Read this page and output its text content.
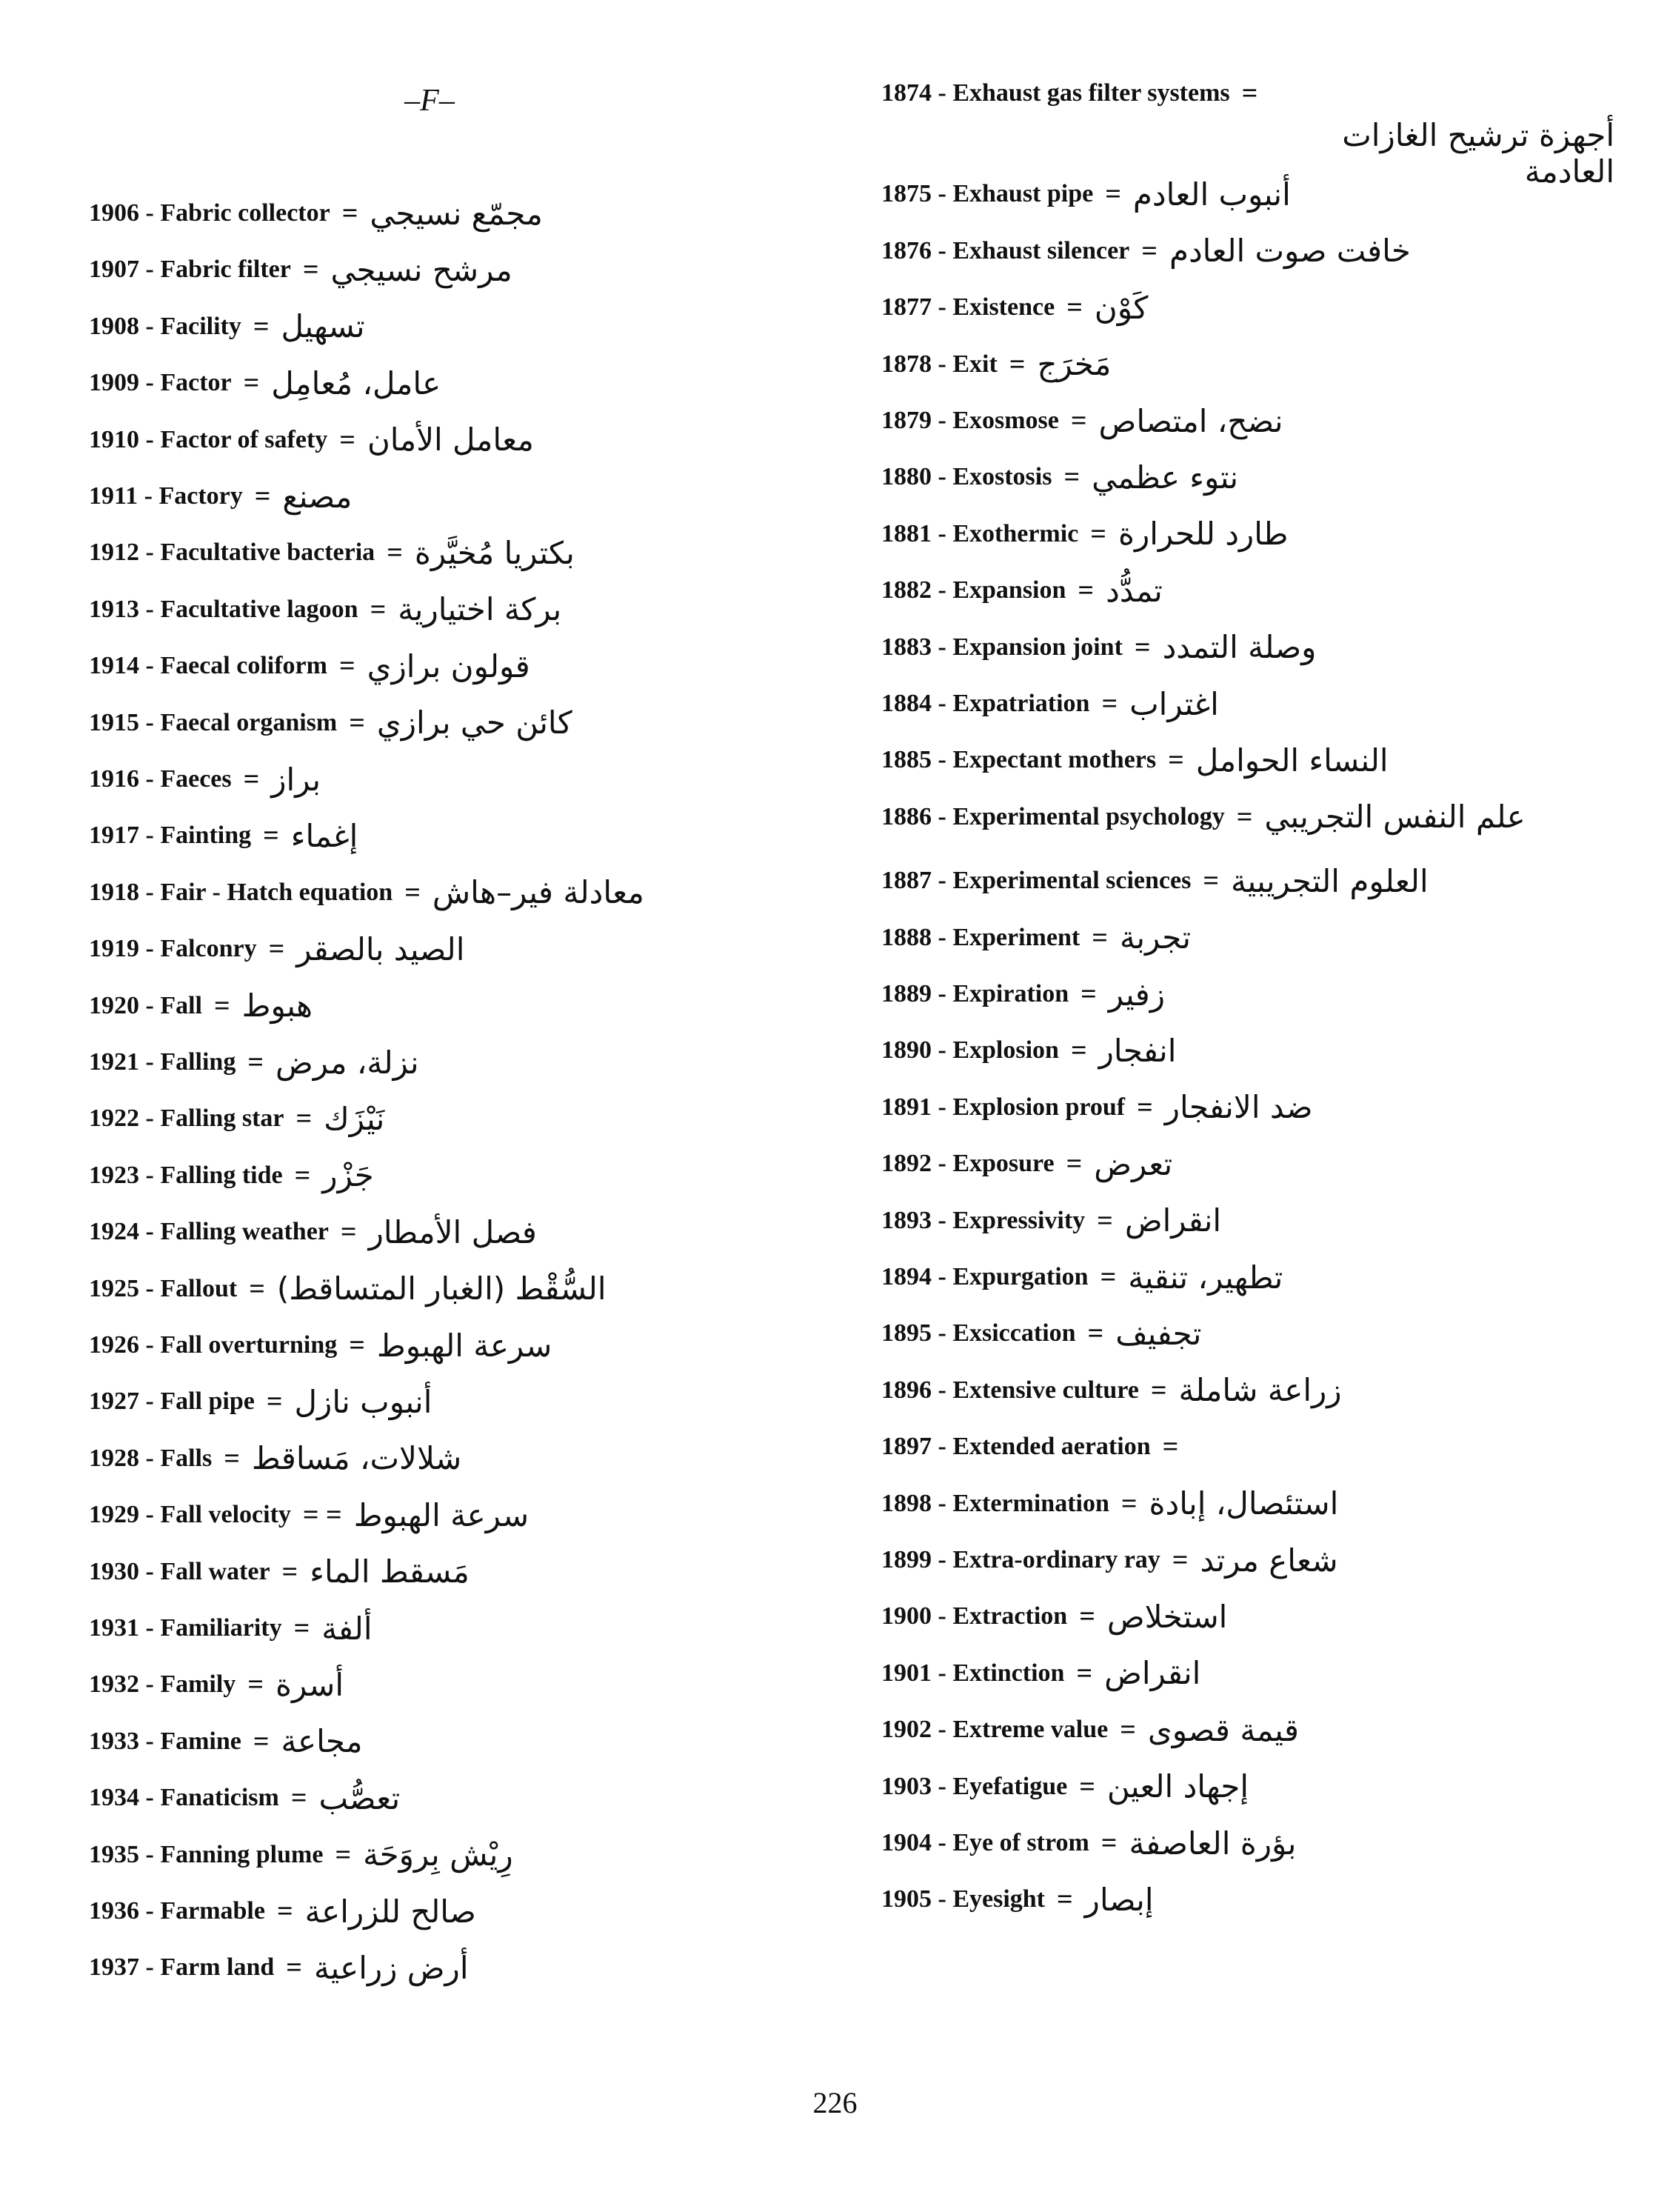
–F–
1906 - Fabric collector = مجمّع نسيجي
1907 - Fabric filter = مرشح نسيجي
1908 - Facility = تسهيل
1909 - Factor = عامل، مُعامِل
1910 - Factor of safety = معامل الأمان
1911 - Factory = مصنع
1912 - Facultative bacteria = بكتريا مُخيَّرة
1913 - Facultative lagoon = بركة اختيارية
1914 - Faecal coliform = قولون برازي
1915 - Faecal organism = كائن حي برازي
1916 - Faeces = براز
1917 - Fainting = إغماء
1918 - Fair - Hatch equation = معادلة فير–هاش
1919 - Falconry = الصيد بالصقر
1920 - Fall = هبوط
1921 - Falling = نزلة، مرض
1922 - Falling star = نَيْزَك
1923 - Falling tide = جَزْر
1924 - Falling weather = فصل الأمطار
1925 - Fallout = السُّقْط (الغبار المتساقط)
1926 - Fall overturning = سرعة الهبوط
1927 - Fall pipe = أنبوب نازل
1928 - Falls = شلالات، مَساقط
1929 - Fall velocity = = سرعة الهبوط
1930 - Fall water = مَسقط الماء
1931 - Familiarity = ألفة
1932 - Family = أسرة
1933 - Famine = مجاعة
1934 - Fanaticism = تعصُّب
1935 - Fanning plume = رِيْش بِروَحَة
1936 - Farmable = صالح للزراعة
1937 - Farm land = أرض زراعية
1874 - Exhaust gas filter systems =
1875 - Exhaust pipe = أنبوب العادم
1876 - Exhaust silencer = خافت صوت العادم
1877 - Existence = كَوْن
1878 - Exit = مَخرَج
1879 - Exosmose = نضح، امتصاص
1880 - Exostosis = نتوء عظمي
1881 - Exothermic = طارد للحرارة
1882 - Expansion = تمدُّد
1883 - Expansion joint = وصلة التمدد
1884 - Expatriation = اغتراب
1885 - Expectant mothers = النساء الحوامل
1886 - Experimental psychology = علم النفس التجريبي
1887 - Experimental sciences = العلوم التجريبية
1888 - Experiment = تجربة
1889 - Expiration = زفير
1890 - Explosion = انفجار
1891 - Explosion prouf = ضد الانفجار
1892 - Exposure = تعرض
1893 - Expressivity = انقراض
1894 - Expurgation = تطهير، تنقية
1895 - Exsiccation = تجفيف
1896 - Extensive culture = زراعة شاملة
1897 - Extended aeration =
1898 - Extermination = استئصال، إبادة
1899 - Extra-ordinary ray = شعاع مرتد
1900 - Extraction = استخلاص
1901 - Extinction = انقراض
1902 - Extreme value = قيمة قصوى
1903 - Eyefatigue = إجهاد العين
1904 - Eye of strom = بؤرة العاصفة
1905 - Eyesight = إبصار
أجهزة ترشيح الغازات العادمة
226
